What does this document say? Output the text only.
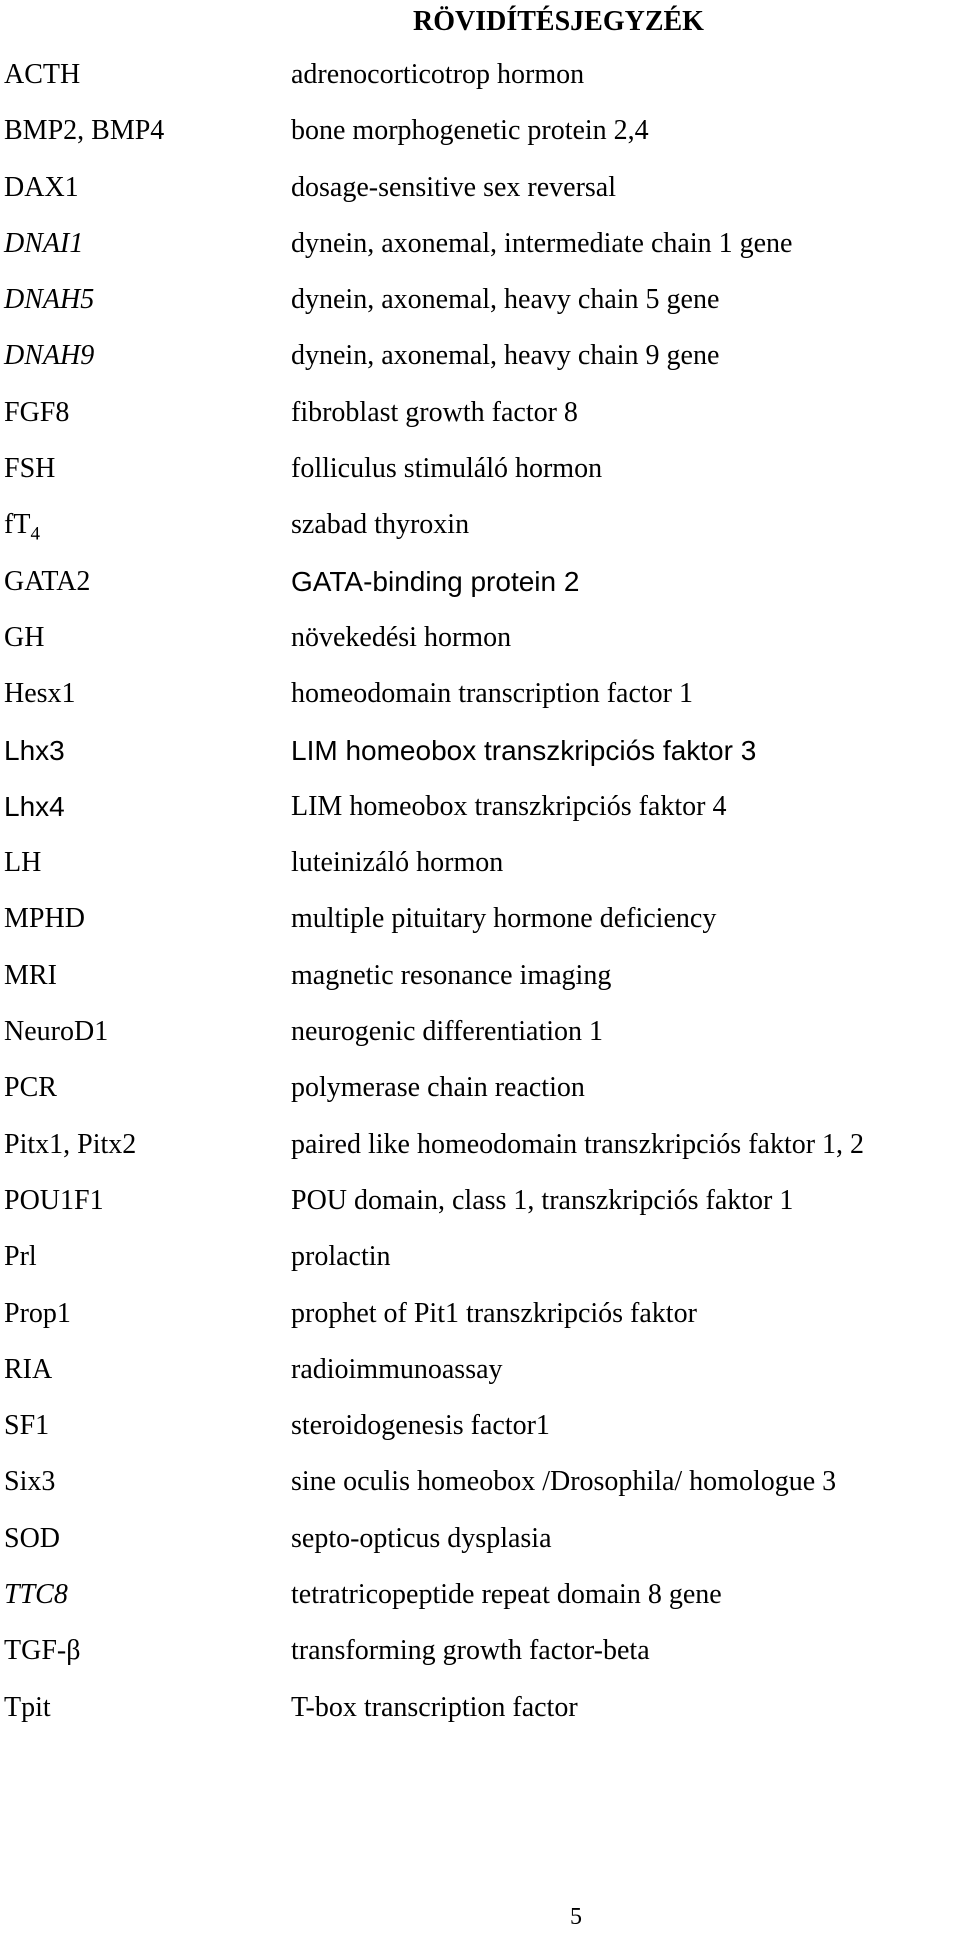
RÖVIDÍTÉSJEGYZÉK
ACTH	adrenocorticotrop hormon
BMP2, BMP4	bone morphogenetic protein 2,4
DAX1	dosage-sensitive sex reversal
DNAI1	dynein, axonemal, intermediate chain 1 gene
DNAH5	dynein, axonemal, heavy chain 5 gene
DNAH9	dynein, axonemal, heavy chain 9 gene
FGF8	fibroblast growth factor 8
FSH	folliculus stimuláló hormon
$fT_4$	szabad thyroxin
GATA2	GATA-binding protein 2
GH	növekedési hormon
Hesx1	homeodomain transcription factor 1
Lhx3	LIM homeobox transzkripciós faktor 3
Lhx4	LIM homeobox transzkripciós faktor 4
LH	luteinizáló hormon
MPHD	multiple pituitary hormone deficiency
MRI	magnetic resonance imaging
NeuroD1	neurogenic differentiation 1
PCR	polymerase chain reaction
Pitx1, Pitx2	paired like homeodomain transzkripciós faktor 1, 2
POU1F1	POU domain, class 1, transzkripciós faktor 1
Prl	prolactin
Prop1	prophet of Pit1 transzkripciós faktor
RIA	radioimmunoassay
SF1	steroidogenesis factor1
Six3	sine oculis homeobox /Drosophila/ homologue 3
SOD	septo-opticus dysplasia
TTC8	tetratricopeptide repeat domain 8 gene
TGF-β	transforming growth factor-beta
Tpit	T-box transcription factor
5
